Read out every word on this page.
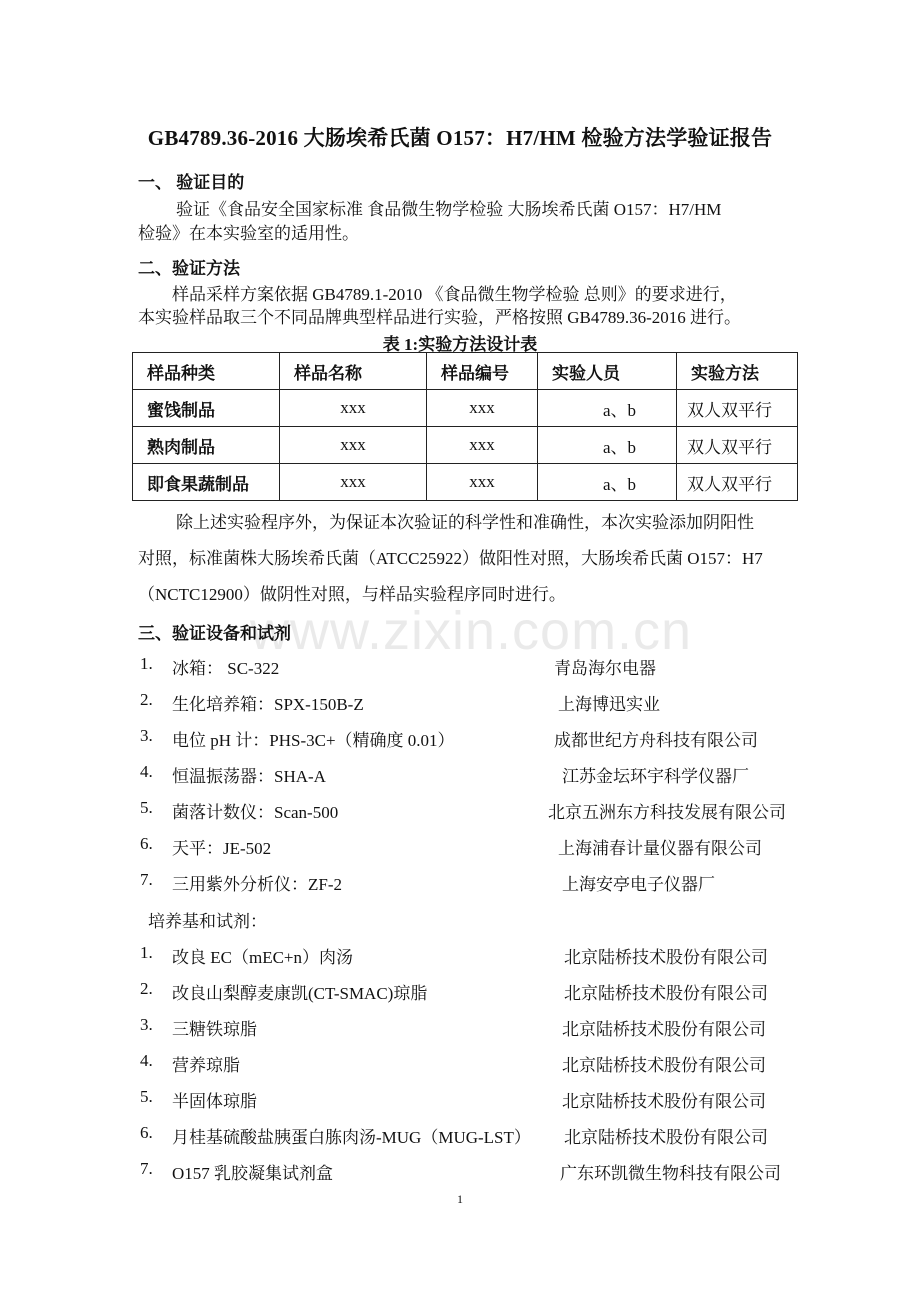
www.zixin.com.cn
GB4789.36-2016 大肠埃希氏菌 O157：H7/HM 检验方法学验证报告
一、 验证目的
验证《食品安全国家标准 食品微生物学检验 大肠埃希氏菌 O157：H7/HM
检验》在本实验室的适用性。
二、验证方法
样品采样方案依据 GB4789.1-2010 《食品微生物学检验 总则》的要求进行，
本实验样品取三个不同品牌典型样品进行实验，严格按照 GB4789.36-2016 进行。
表 1:实验方法设计表
样品种类	样品名称	样品编号	实验人员	实验方法
蜜饯制品	xxx	xxx	a、b	双人双平行
熟肉制品	xxx	xxx	a、b	双人双平行
即食果蔬制品	xxx	xxx	a、b	双人双平行
除上述实验程序外，为保证本次验证的科学性和准确性，本次实验添加阴阳性
对照，标准菌株大肠埃希氏菌（ATCC25922）做阳性对照，大肠埃希氏菌 O157：H7
（NCTC12900）做阴性对照，与样品实验程序同时进行。
三、验证设备和试剂
1. 冰箱： SC-322	青岛海尔电器
2. 生化培养箱：SPX-150B-Z	上海博迅实业
3. 电位 pH 计：PHS-3C+（精确度 0.01）	成都世纪方舟科技有限公司
4. 恒温振荡器：SHA-A	江苏金坛环宇科学仪器厂
5. 菌落计数仪：Scan-500	北京五洲东方科技发展有限公司
6. 天平：JE-502	上海浦春计量仪器有限公司
7. 三用紫外分析仪：ZF-2	上海安亭电子仪器厂
培养基和试剂：
1. 改良 EC（mEC+n）肉汤	北京陆桥技术股份有限公司
2. 改良山梨醇麦康凯(CT-SMAC)琼脂	北京陆桥技术股份有限公司
3. 三糖铁琼脂	北京陆桥技术股份有限公司
4. 营养琼脂	北京陆桥技术股份有限公司
5. 半固体琼脂	北京陆桥技术股份有限公司
6. 月桂基硫酸盐胰蛋白胨肉汤-MUG（MUG-LST） 北京陆桥技术股份有限公司
7. O157 乳胶凝集试剂盒	广东环凯微生物科技有限公司
1
